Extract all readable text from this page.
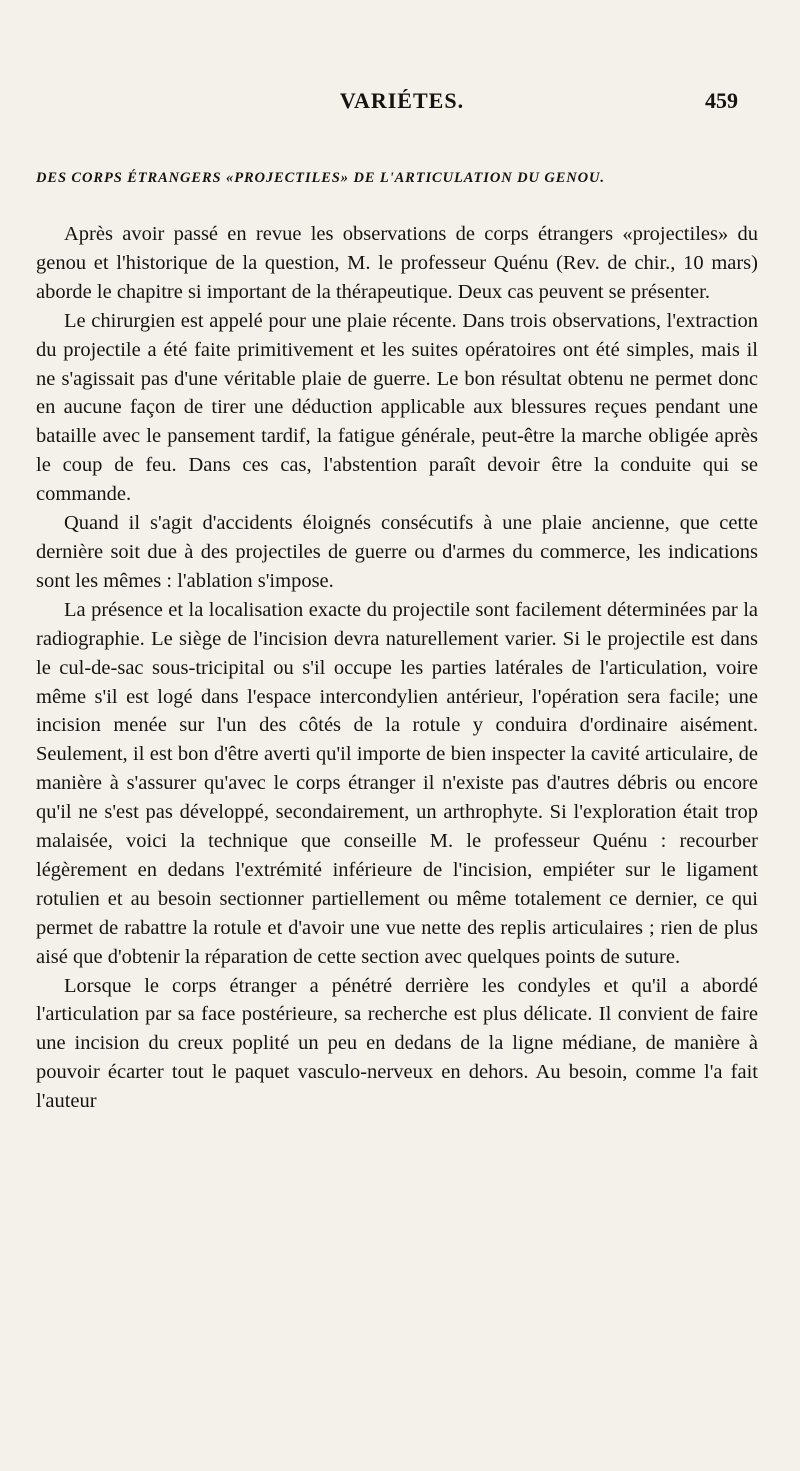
VARIÉTES.	459
DES CORPS ÉTRANGERS «PROJECTILES» DE L'ARTICULATION DU GENOU.

Après avoir passé en revue les observations de corps étrangers «projectiles» du genou et l'historique de la question, M. le professeur Quénu (Rev. de chir., 10 mars) aborde le chapitre si important de la thérapeutique. Deux cas peuvent se présenter.

Le chirurgien est appelé pour une plaie récente. Dans trois observations, l'extraction du projectile a été faite primitivement et les suites opératoires ont été simples, mais il ne s'agissait pas d'une véritable plaie de guerre. Le bon résultat obtenu ne permet donc en aucune façon de tirer une déduction applicable aux blessures reçues pendant une bataille avec le pansement tardif, la fatigue générale, peut-être la marche obligée après le coup de feu. Dans ces cas, l'abstention paraît devoir être la conduite qui se commande.

Quand il s'agit d'accidents éloignés consécutifs à une plaie ancienne, que cette dernière soit due à des projectiles de guerre ou d'armes du commerce, les indications sont les mêmes : l'ablation s'impose.

La présence et la localisation exacte du projectile sont facilement déterminées par la radiographie. Le siège de l'incision devra naturellement varier. Si le projectile est dans le cul-de-sac sous-tricipital ou s'il occupe les parties latérales de l'articulation, voire même s'il est logé dans l'espace intercondylien antérieur, l'opération sera facile; une incision menée sur l'un des côtés de la rotule y conduira d'ordinaire aisément. Seulement, il est bon d'être averti qu'il importe de bien inspecter la cavité articulaire, de manière à s'assurer qu'avec le corps étranger il n'existe pas d'autres débris ou encore qu'il ne s'est pas développé, secondairement, un arthrophyte. Si l'exploration était trop malaisée, voici la technique que conseille M. le professeur Quénu : recourber légèrement en dedans l'extrémité inférieure de l'incision, empiéter sur le ligament rotulien et au besoin sectionner partiellement ou même totalement ce dernier, ce qui permet de rabattre la rotule et d'avoir une vue nette des replis articulaires ; rien de plus aisé que d'obtenir la réparation de cette section avec quelques points de suture.

Lorsque le corps étranger a pénétré derrière les condyles et qu'il a abordé l'articulation par sa face postérieure, sa recherche est plus délicate. Il convient de faire une incision du creux poplité un peu en dedans de la ligne médiane, de manière à pouvoir écarter tout le paquet vasculo-nerveux en dehors. Au besoin, comme l'a fait l'auteur
